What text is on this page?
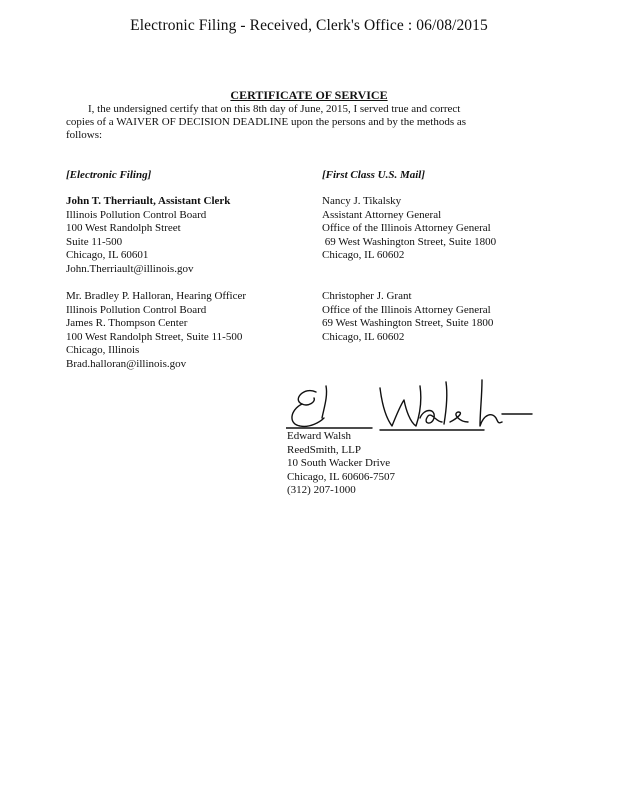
Electronic Filing - Received, Clerk's Office : 06/08/2015
CERTIFICATE OF SERVICE
I, the undersigned certify that on this 8th day of June, 2015, I served true and correct
copies of a WAIVER OF DECISION DEADLINE upon the persons and by the methods as
follows:
[Electronic Filing]
John T. Therriault, Assistant Clerk
Illinois Pollution Control Board
100 West Randolph Street
Suite 11-500
Chicago, IL 60601
John.Therriault@illinois.gov
Mr. Bradley P. Halloran, Hearing Officer
Illinois Pollution Control Board
James R. Thompson Center
100 West Randolph Street, Suite 11-500
Chicago, Illinois
Brad.halloran@illinois.gov
[First Class U.S. Mail]
Nancy J. Tikalsky
Assistant Attorney General
Office of the Illinois Attorney General
69 West Washington Street, Suite 1800
Chicago, IL 60602
Christopher J. Grant
Office of the Illinois Attorney General
69 West Washington Street, Suite 1800
Chicago, IL 60602
Edward Walsh
ReedSmith, LLP
10 South Wacker Drive
Chicago, IL 60606-7507
(312) 207-1000
